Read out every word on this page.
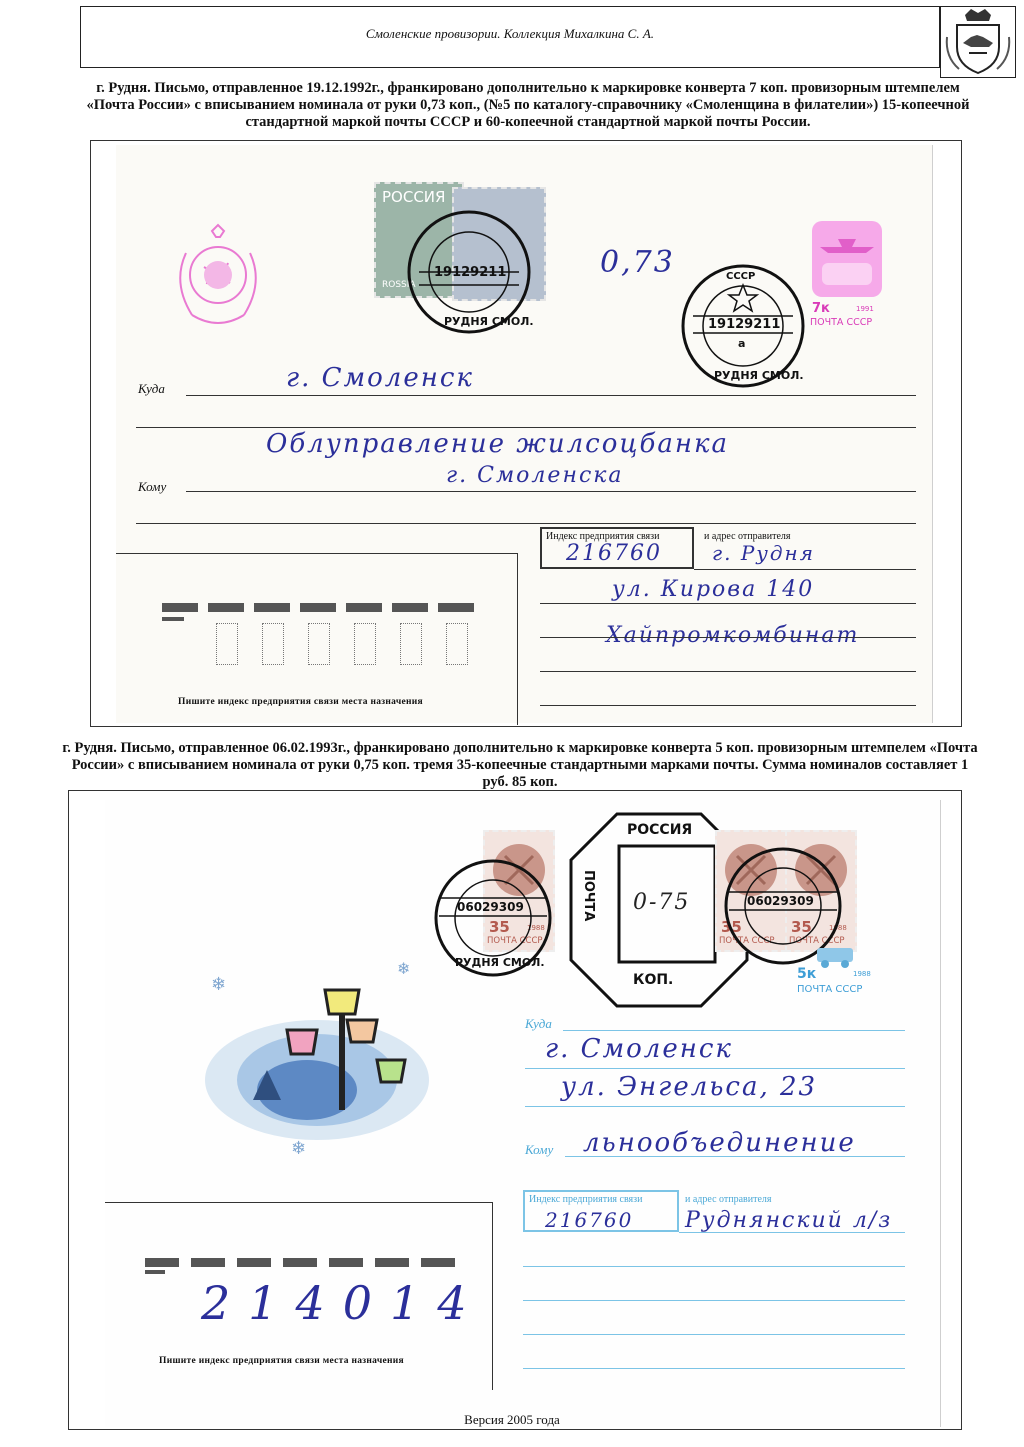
Смоленские провизории. Коллекция Михалкина С. А.
г. Рудня. Письмо, отправленное 19.12.1992г., франкировано дополнительно к маркировке конверта 7 коп. провизорным штемпелем «Почта России» с вписыванием номинала от руки 0,73 коп., (№5 по каталогу-справочнику «Смоленщина в филателии») 15-копеечной стандартной маркой почты СССР и 60-копеечной стандартной маркой почты России.
РОССИЯ
ROSSIA
19129211
РУДНЯ СМОЛ.
0,73	СССР
19129211
а
РУДНЯ СМОЛ.
7к	1991
ПОЧТА СССР
Куда
Кому
г. Смоленск
Облуправление жилсоцбанка
г. Смоленска
Индекс предприятия связи	и адрес отправителя
216760	г. Рудня
ул. Кирова 140
Хайпромкомбинат
Пишите индекс предприятия связи места назначения
г. Рудня. Письмо, отправленное 06.02.1993г., франкировано дополнительно к маркировке конверта 5 коп. провизорным штемпелем «Почта России» с вписыванием номинала от руки 0,75 коп. тремя 35-копеечные стандартными марками почты. Сумма номиналов составляет 1 руб. 85 коп.
35 1988
ПОЧТА СССР
06029309
РУДНЯ СМОЛ.
РОССИЯ
ПОЧТА
КОП.
0-75
35
ПОЧТА СССР
35 1988
ПОЧТА СССР
06029309
5к	1988
ПОЧТА СССР
❄
❄
❄
Куда
Кому
г. Смоленск
ул. Энгельса, 23
льнообъединение
Индекс предприятия связи	и адрес отправителя
216760 Руднянский л/з
214014
Пишите индекс предприятия связи места назначения
Версия 2005 года
